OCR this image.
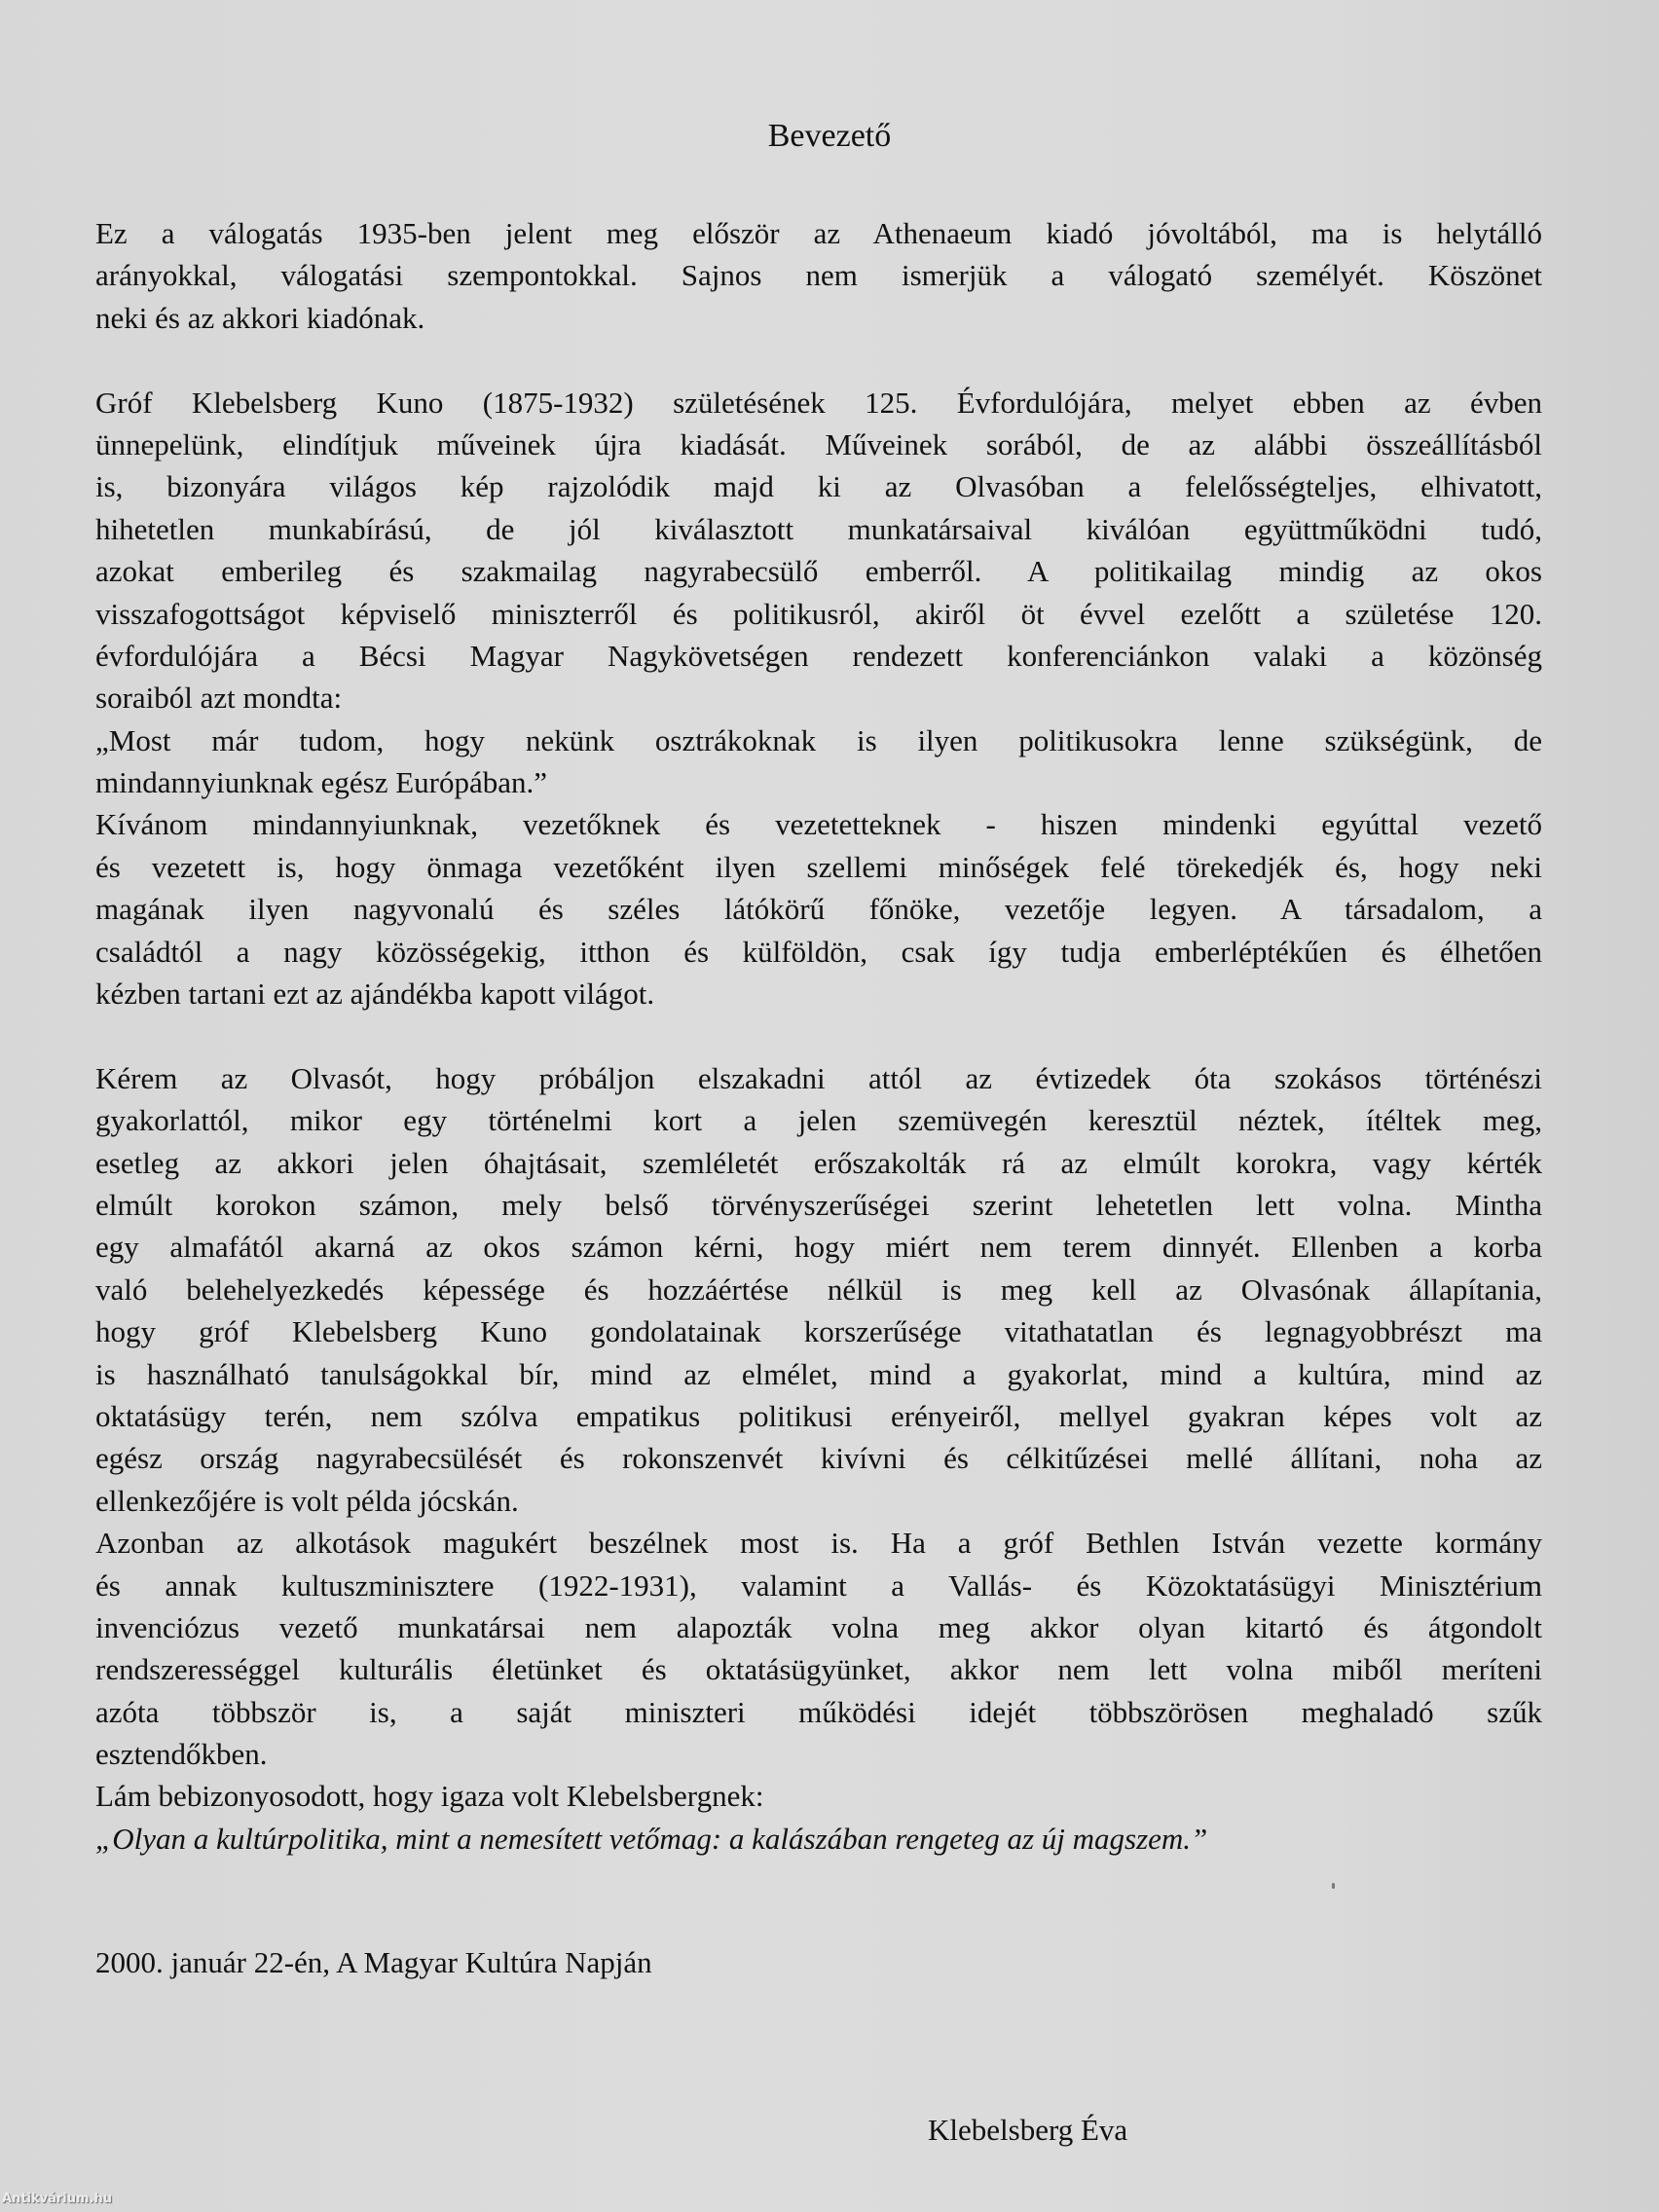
Bevezető
Ez a válogatás 1935-ben jelent meg először az Athenaeum kiadó jóvoltából, ma is helytálló
arányokkal, válogatási szempontokkal. Sajnos nem ismerjük a válogató személyét. Köszönet
neki és az akkori kiadónak.
Gróf Klebelsberg Kuno (1875-1932) születésének 125. Évfordulójára, melyet ebben az évben
ünnepelünk, elindítjuk műveinek újra kiadását. Műveinek sorából, de az alábbi összeállításból
is, bizonyára világos kép rajzolódik majd ki az Olvasóban a felelősségteljes, elhivatott,
hihetetlen munkabírású, de jól kiválasztott munkatársaival kiválóan együttműködni tudó,
azokat emberileg és szakmailag nagyrabecsülő emberről. A politikailag mindig az okos
visszafogottságot képviselő miniszterről és politikusról, akiről öt évvel ezelőtt a születése 120.
évfordulójára a Bécsi Magyar Nagykövetségen rendezett konferenciánkon valaki a közönség
soraiból azt mondta:
„Most már tudom, hogy nekünk osztrákoknak is ilyen politikusokra lenne szükségünk, de
mindannyiunknak egész Európában.”
Kívánom mindannyiunknak, vezetőknek és vezetetteknek - hiszen mindenki egyúttal vezető
és vezetett is, hogy önmaga vezetőként ilyen szellemi minőségek felé törekedjék és, hogy neki
magának ilyen nagyvonalú és széles látókörű főnöke, vezetője legyen. A társadalom, a
családtól a nagy közösségekig, itthon és külföldön, csak így tudja emberléptékűen és élhetően
kézben tartani ezt az ajándékba kapott világot.
Kérem az Olvasót, hogy próbáljon elszakadni attól az évtizedek óta szokásos történészi
gyakorlattól, mikor egy történelmi kort a jelen szemüvegén keresztül néztek, ítéltek meg,
esetleg az akkori jelen óhajtásait, szemléletét erőszakolták rá az elmúlt korokra, vagy kérték
elmúlt korokon számon, mely belső törvényszerűségei szerint lehetetlen lett volna. Mintha
egy almafától akarná az okos számon kérni, hogy miért nem terem dinnyét. Ellenben a korba
való belehelyezkedés képessége és hozzáértése nélkül is meg kell az Olvasónak állapítania,
hogy gróf Klebelsberg Kuno gondolatainak korszerűsége vitathatatlan és legnagyobbrészt ma
is használható tanulságokkal bír, mind az elmélet, mind a gyakorlat, mind a kultúra, mind az
oktatásügy terén, nem szólva empatikus politikusi erényeiről, mellyel gyakran képes volt az
egész ország nagyrabecsülését és rokonszenvét kivívni és célkitűzései mellé állítani, noha az
ellenkezőjére is volt példa jócskán.
Azonban az alkotások magukért beszélnek most is. Ha a gróf Bethlen István vezette kormány
és annak kultuszminisztere (1922-1931), valamint a Vallás- és Közoktatásügyi Minisztérium
invenciózus vezető munkatársai nem alapozták volna meg akkor olyan kitartó és átgondolt
rendszerességgel kulturális életünket és oktatásügyünket, akkor nem lett volna miből meríteni
azóta többször is, a saját miniszteri működési idejét többszörösen meghaladó szűk
esztendőkben.
Lám bebizonyosodott, hogy igaza volt Klebelsbergnek:
„Olyan a kultúrpolitika, mint a nemesített vetőmag: a kalászában rengeteg az új magszem.”
2000. január 22-én, A Magyar Kultúra Napján
Klebelsberg Éva
Antikvárium.hu
